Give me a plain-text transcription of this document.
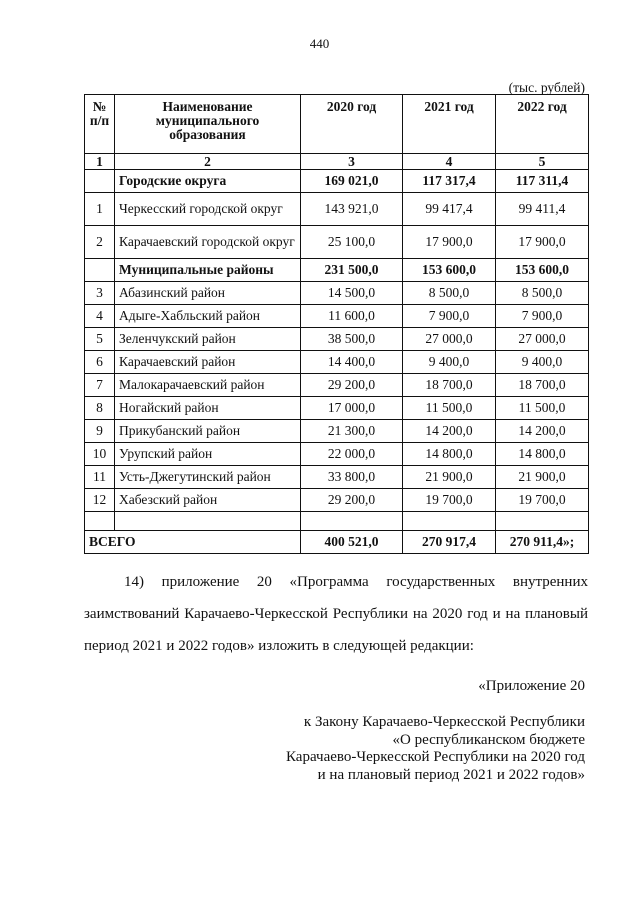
440
(тыс. рублей)
№ п/п	Наименование муниципального образования	2020 год	2021 год	2022 год
1	2	3	4	5
	Городские округа	169 021,0	117 317,4	117 311,4
1	Черкесский городской округ	143 921,0	99 417,4	99 411,4
2	Карачаевский городской округ	25 100,0	17 900,0	17 900,0
	Муниципальные районы	231 500,0	153 600,0	153 600,0
3	Абазинский район	14 500,0	8 500,0	8 500,0
4	Адыге-Хабльский район	11 600,0	7 900,0	7 900,0
5	Зеленчукский район	38 500,0	27 000,0	27 000,0
6	Карачаевский район	14 400,0	9 400,0	9 400,0
7	Малокарачаевский район	29 200,0	18 700,0	18 700,0
8	Ногайский район	17 000,0	11 500,0	11 500,0
9	Прикубанский район	21 300,0	14 200,0	14 200,0
10	Урупский район	22 000,0	14 800,0	14 800,0
11	Усть-Джегутинский район	33 800,0	21 900,0	21 900,0
12	Хабезский район	29 200,0	19 700,0	19 700,0

ВСЕГО		400 521,0	270 917,4	270 911,4»;
14) приложение 20 «Программа государственных внутренних
заимствований Карачаево-Черкесской Республики на 2020 год и на плановый
период 2021 и 2022 годов» изложить в следующей редакции:
«Приложение 20
к Закону Карачаево-Черкесской Республики
«О республиканском бюджете
Карачаево-Черкесской Республики на 2020 год
и на плановый период 2021 и 2022 годов»
